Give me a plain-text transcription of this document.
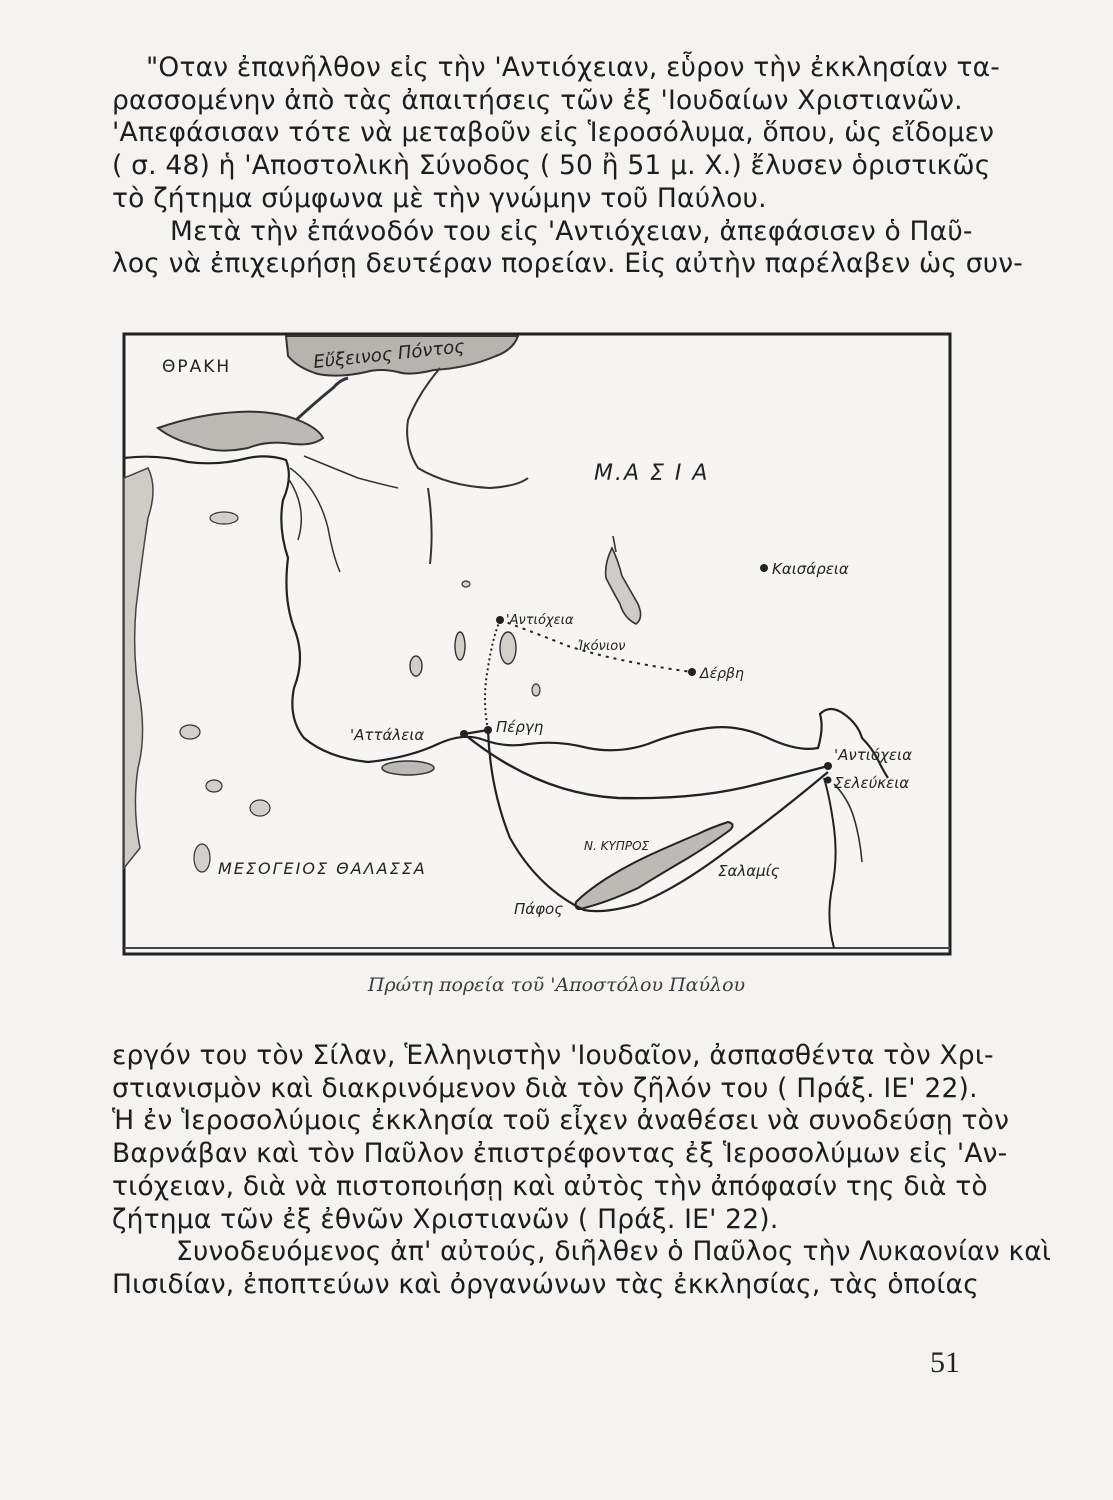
"Οταν ἐπανῆλθον εἰς τὴν 'Αντιόχειαν, εὗρον τὴν ἐκκλησίαν τα-
ρασσομένην ἀπὸ τὰς ἀπαιτήσεις τῶν ἐξ 'Ιουδαίων Χριστιανῶν.
'Απεφάσισαν τότε νὰ μεταβοῦν εἰς Ἱεροσόλυμα, ὅπου, ὡς εἴδομεν
( σ. 48) ἡ 'Αποστολικὴ Σύνοδος ( 50 ἢ 51 μ. Χ.) ἔλυσεν ὁριστικῶς
τὸ ζήτημα σύμφωνα μὲ τὴν γνώμην τοῦ Παύλου.
Μετὰ τὴν ἐπάνοδόν του εἰς 'Αντιόχειαν, ἀπεφάσισεν ὁ Παῦ-
λος νὰ ἐπιχειρήσῃ δευτέραν πορείαν. Εἰς αὐτὴν παρέλαβεν ὡς συν-
ΘΡΑΚΗ	Εὔξεινος Πόντος
Μ.Α Σ Ι Α
Καισάρεια
'Αντιόχεια
Ἰκόνιον
Δέρβη
'Αττάλεια	Πέργη
'Αντιόχεια
Σελεύκεια
Ν. ΚΥΠΡΟΣ
Σαλαμίς
Πάφος
ΜΕΣΟΓΕΙΟΣ ΘΑΛΑΣΣΑ
Πρώτη πορεία τοῦ 'Αποστόλου Παύλου
εργόν του τὸν Σίλαν, Ἑλληνιστὴν 'Ιουδαῖον, ἀσπασθέντα τὸν Χρι-
στιανισμὸν καὶ διακρινόμενον διὰ τὸν ζῆλόν του ( Πράξ. ΙΕ' 22).
Ἡ ἐν Ἱεροσολύμοις ἐκκλησία τοῦ εἶχεν ἀναθέσει νὰ συνοδεύσῃ τὸν
Βαρνάβαν καὶ τὸν Παῦλον ἐπιστρέφοντας ἐξ Ἱεροσολύμων εἰς 'Αν-
τιόχειαν, διὰ νὰ πιστοποιήσῃ καὶ αὐτὸς τὴν ἀπόφασίν της διὰ τὸ
ζήτημα τῶν ἐξ ἐθνῶν Χριστιανῶν ( Πράξ. ΙΕ' 22).
Συνοδευόμενος ἀπ' αὐτούς, διῆλθεν ὁ Παῦλος τὴν Λυκαονίαν καὶ
Πισιδίαν, ἐποπτεύων καὶ ὀργανώνων τὰς ἐκκλησίας, τὰς ὁποίας
51
